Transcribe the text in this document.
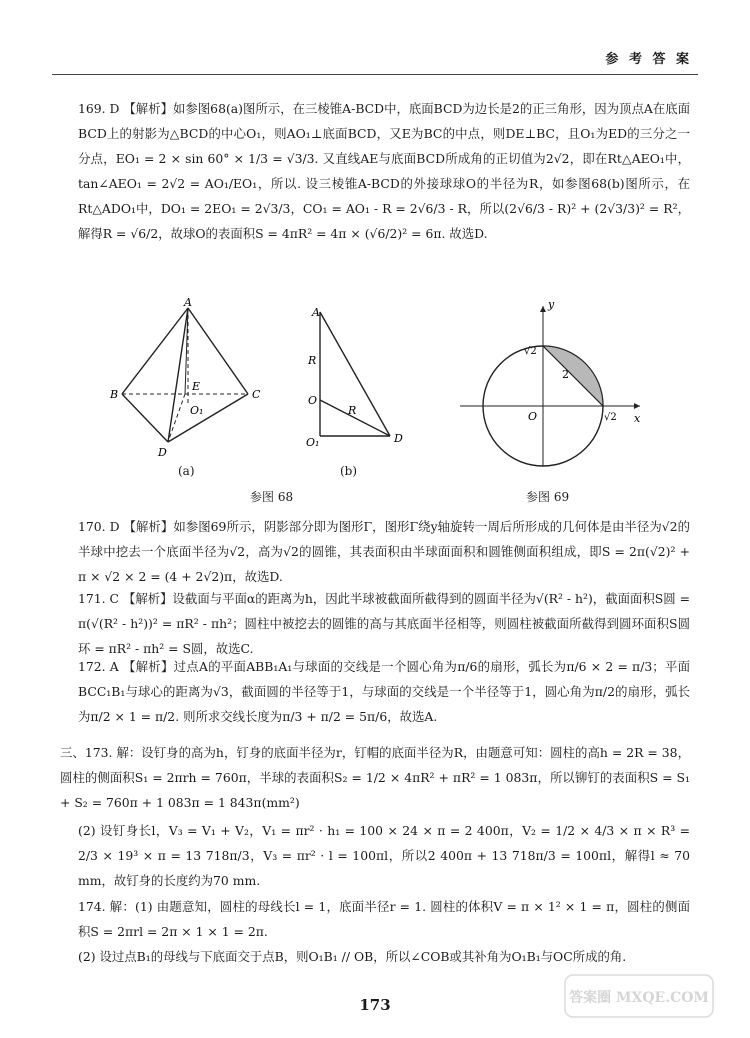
参 考 答 案
169. D 【解析】如参图68(a)图所示，在三棱锥A-BCD中，底面BCD为边长是2的正三角形，因为顶点A在底面BCD上的射影为△BCD的中心O₁，则AO₁⊥底面BCD，又E为BC的中点，则DE⊥BC，且O₁为ED的三分之一分点，EO₁ = 2 × sin 60° × 1/3 = √3/3. 又直线AE与底面BCD所成角的正切值为2√2，即在Rt△AEO₁中，tan∠AEO₁ = 2√2 = AO₁/EO₁，所以. 设三棱锥A-BCD的外接球球O的半径为R，如参图68(b)图所示，在Rt△ADO₁中，DO₁ = 2EO₁ = 2√3/3，CO₁ = AO₁ - R = 2√6/3 - R，所以(2√6/3 - R)² + (2√3/3)² = R²，解得R = √6/2，故球O的表面积S = 4πR² = 4π × (√6/2)² = 6π. 故选D.
A
B	C
D
E
O₁
(a)
A
R
O
R
D
O₁
(b)
y
x
O
√2
√2
2
参图 68	参图 69
170. D 【解析】如参图69所示，阴影部分即为图形Γ，图形Γ绕y轴旋转一周后所形成的几何体是由半径为√2的半球中挖去一个底面半径为√2，高为√2的圆锥，其表面积由半球面面积和圆锥侧面积组成，即S = 2π(√2)² + π × √2 × 2 = (4 + 2√2)π，故选D.
171. C 【解析】设截面与平面α的距离为h，因此半球被截面所截得到的圆面半径为√(R² - h²)，截面面积S圆 = π(√(R² - h²))² = πR² - πh²；圆柱中被挖去的圆锥的高与其底面半径相等，则圆柱被截面所截得到圆环面积S圆环 = πR² - πh² = S圆，故选C.
172. A 【解析】过点A的平面ABB₁A₁与球面的交线是一个圆心角为π/6的扇形，弧长为π/6 × 2 = π/3；平面BCC₁B₁与球心的距离为√3，截面圆的半径等于1，与球面的交线是一个半径等于1，圆心角为π/2的扇形，弧长为π/2 × 1 = π/2. 则所求交线长度为π/3 + π/2 = 5π/6，故选A.
三、173. 解：设钉身的高为h，钉身的底面半径为r，钉帽的底面半径为R，由题意可知：圆柱的高h = 2R = 38，圆柱的侧面积S₁ = 2πrh = 760π，半球的表面积S₂ = 1/2 × 4πR² + πR² = 1 083π，所以铆钉的表面积S = S₁ + S₂ = 760π + 1 083π = 1 843π(mm²)
(2) 设钉身长l，V₃ = V₁ + V₂，V₁ = πr² · h₁ = 100 × 24 × π = 2 400π，V₂ = 1/2 × 4/3 × π × R³ = 2/3 × 19³ × π = 13 718π/3，V₃ = πr² · l = 100πl，所以2 400π + 13 718π/3 = 100πl，解得l ≈ 70 mm，故钉身的长度约为70 mm.
174. 解：(1) 由题意知，圆柱的母线长l = 1，底面半径r = 1. 圆柱的体积V = π × 1² × 1 = π，圆柱的侧面积S = 2πrl = 2π × 1 × 1 = 2π.
(2) 设过点B₁的母线与下底面交于点B，则O₁B₁ // OB，所以∠COB或其补角为O₁B₁与OC所成的角.
173	答案圈 MXQE.COM
